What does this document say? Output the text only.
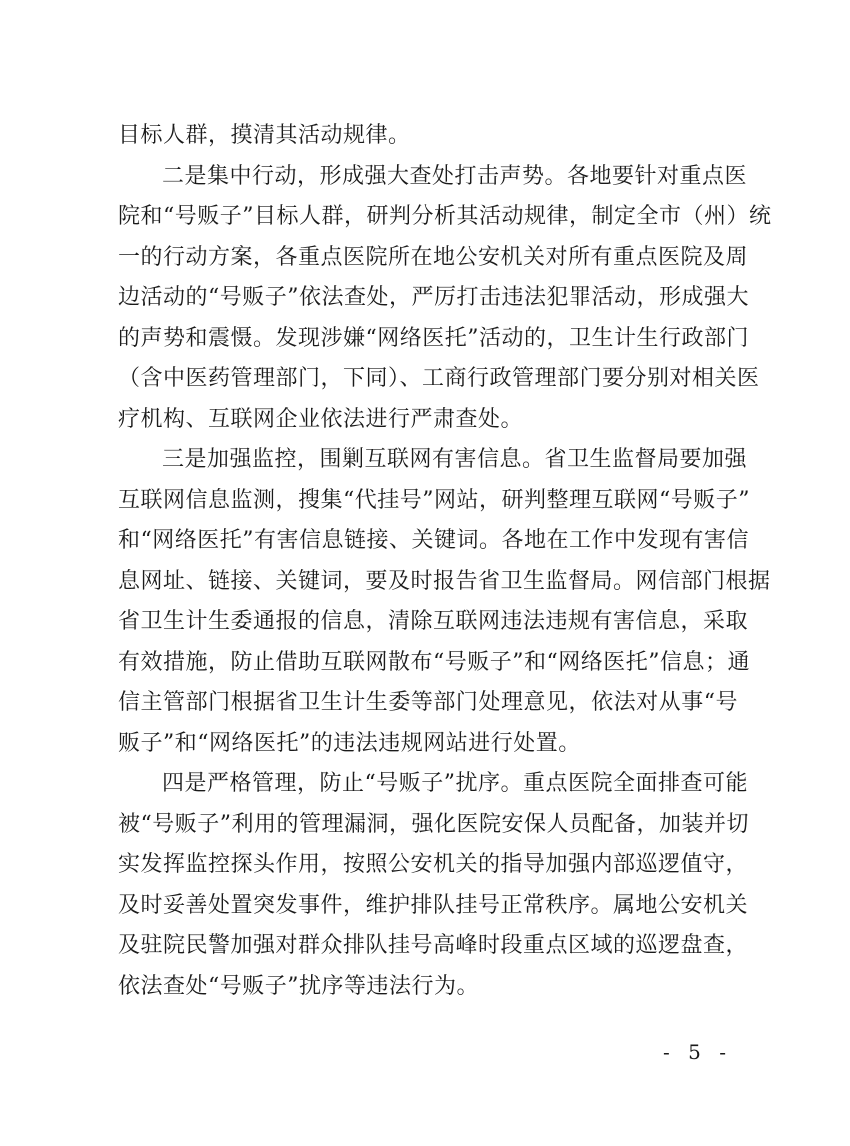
目标人群，摸清其活动规律。
二是集中行动，形成强大查处打击声势。各地要针对重点医
院和“号贩子”目标人群，研判分析其活动规律，制定全市（州）统
一的行动方案，各重点医院所在地公安机关对所有重点医院及周
边活动的“号贩子”依法查处，严厉打击违法犯罪活动，形成强大
的声势和震慑。发现涉嫌“网络医托”活动的，卫生计生行政部门
（含中医药管理部门，下同）、工商行政管理部门要分别对相关医
疗机构、互联网企业依法进行严肃查处。
三是加强监控，围剿互联网有害信息。省卫生监督局要加强
互联网信息监测，搜集“代挂号”网站，研判整理互联网“号贩子”
和“网络医托”有害信息链接、关键词。各地在工作中发现有害信
息网址、链接、关键词，要及时报告省卫生监督局。网信部门根据
省卫生计生委通报的信息，清除互联网违法违规有害信息，采取
有效措施，防止借助互联网散布“号贩子”和“网络医托”信息；通
信主管部门根据省卫生计生委等部门处理意见，依法对从事“号
贩子”和“网络医托”的违法违规网站进行处置。
四是严格管理，防止“号贩子”扰序。重点医院全面排查可能
被“号贩子”利用的管理漏洞，强化医院安保人员配备，加装并切
实发挥监控探头作用，按照公安机关的指导加强内部巡逻值守，
及时妥善处置突发事件，维护排队挂号正常秩序。属地公安机关
及驻院民警加强对群众排队挂号高峰时段重点区域的巡逻盘查，
依法查处“号贩子”扰序等违法行为。
- 5 -
